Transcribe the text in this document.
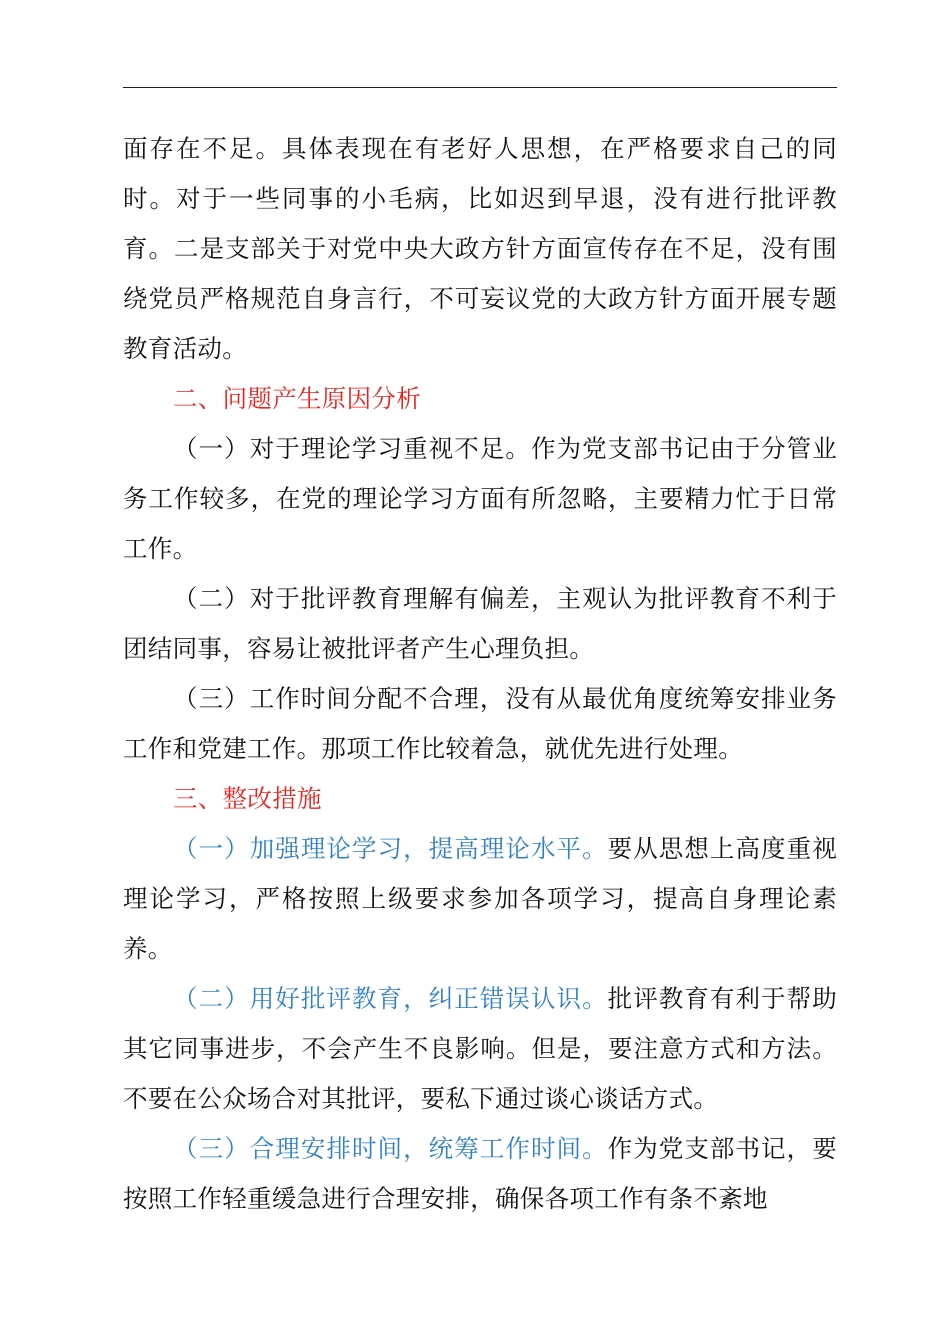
面存在不足。具体表现在有老好人思想，在严格要求自己的同时。对于一些同事的小毛病，比如迟到早退，没有进行批评教育。二是支部关于对党中央大政方针方面宣传存在不足，没有围绕党员严格规范自身言行，不可妄议党的大政方针方面开展专题教育活动。

二、问题产生原因分析

（一）对于理论学习重视不足。作为党支部书记由于分管业务工作较多，在党的理论学习方面有所忽略，主要精力忙于日常工作。

（二）对于批评教育理解有偏差，主观认为批评教育不利于团结同事，容易让被批评者产生心理负担。

（三）工作时间分配不合理，没有从最优角度统筹安排业务工作和党建工作。那项工作比较着急，就优先进行处理。

三、整改措施

（一）加强理论学习，提高理论水平。要从思想上高度重视理论学习，严格按照上级要求参加各项学习，提高自身理论素养。

（二）用好批评教育，纠正错误认识。批评教育有利于帮助其它同事进步，不会产生不良影响。但是，要注意方式和方法。不要在公众场合对其批评，要私下通过谈心谈话方式。

（三）合理安排时间，统筹工作时间。作为党支部书记，要按照工作轻重缓急进行合理安排，确保各项工作有条不紊地
